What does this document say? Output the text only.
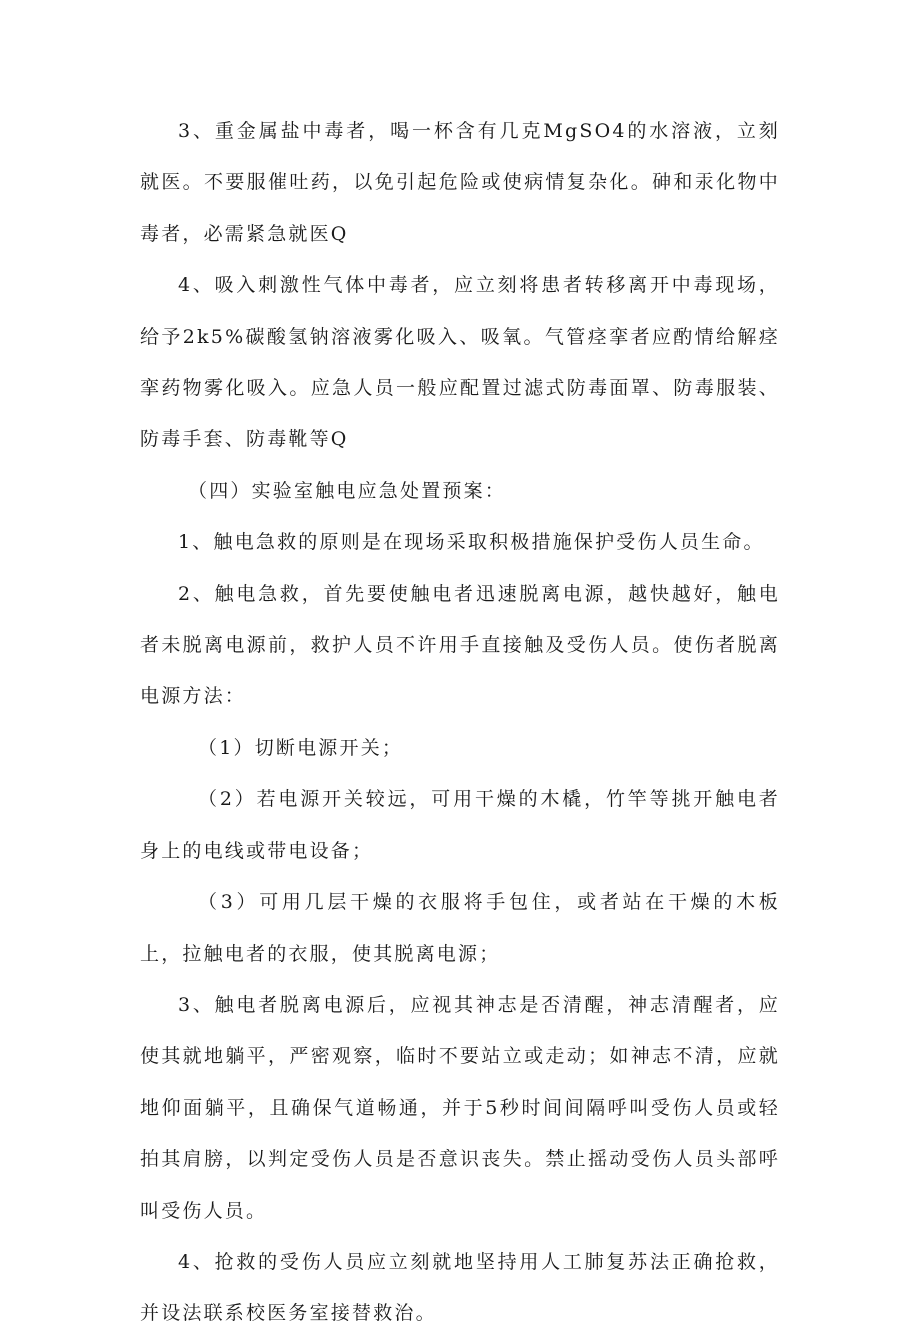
3、重金属盐中毒者，喝一杯含有几克MgSO4的水溶液，立刻就医。不要服催吐药，以免引起危险或使病情复杂化。砷和汞化物中毒者，必需紧急就医Q

4、吸入刺激性气体中毒者，应立刻将患者转移离开中毒现场，给予2k5%碳酸氢钠溶液雾化吸入、吸氧。气管痉挛者应酌情给解痉挛药物雾化吸入。应急人员一般应配置过滤式防毒面罩、防毒服装、防毒手套、防毒靴等Q

（四）实验室触电应急处置预案：

1、触电急救的原则是在现场采取积极措施保护受伤人员生命。

2、触电急救，首先要使触电者迅速脱离电源，越快越好，触电者未脱离电源前，救护人员不许用手直接触及受伤人员。使伤者脱离电源方法：

（1）切断电源开关；

（2）若电源开关较远，可用干燥的木橇，竹竿等挑开触电者身上的电线或带电设备；

（3）可用几层干燥的衣服将手包住，或者站在干燥的木板上，拉触电者的衣服，使其脱离电源；

3、触电者脱离电源后，应视其神志是否清醒，神志清醒者，应使其就地躺平，严密观察，临时不要站立或走动；如神志不清，应就地仰面躺平，且确保气道畅通，并于5秒时间间隔呼叫受伤人员或轻拍其肩膀，以判定受伤人员是否意识丧失。禁止摇动受伤人员头部呼叫受伤人员。

4、抢救的受伤人员应立刻就地坚持用人工肺复苏法正确抢救，并设法联系校医务室接替救治。
